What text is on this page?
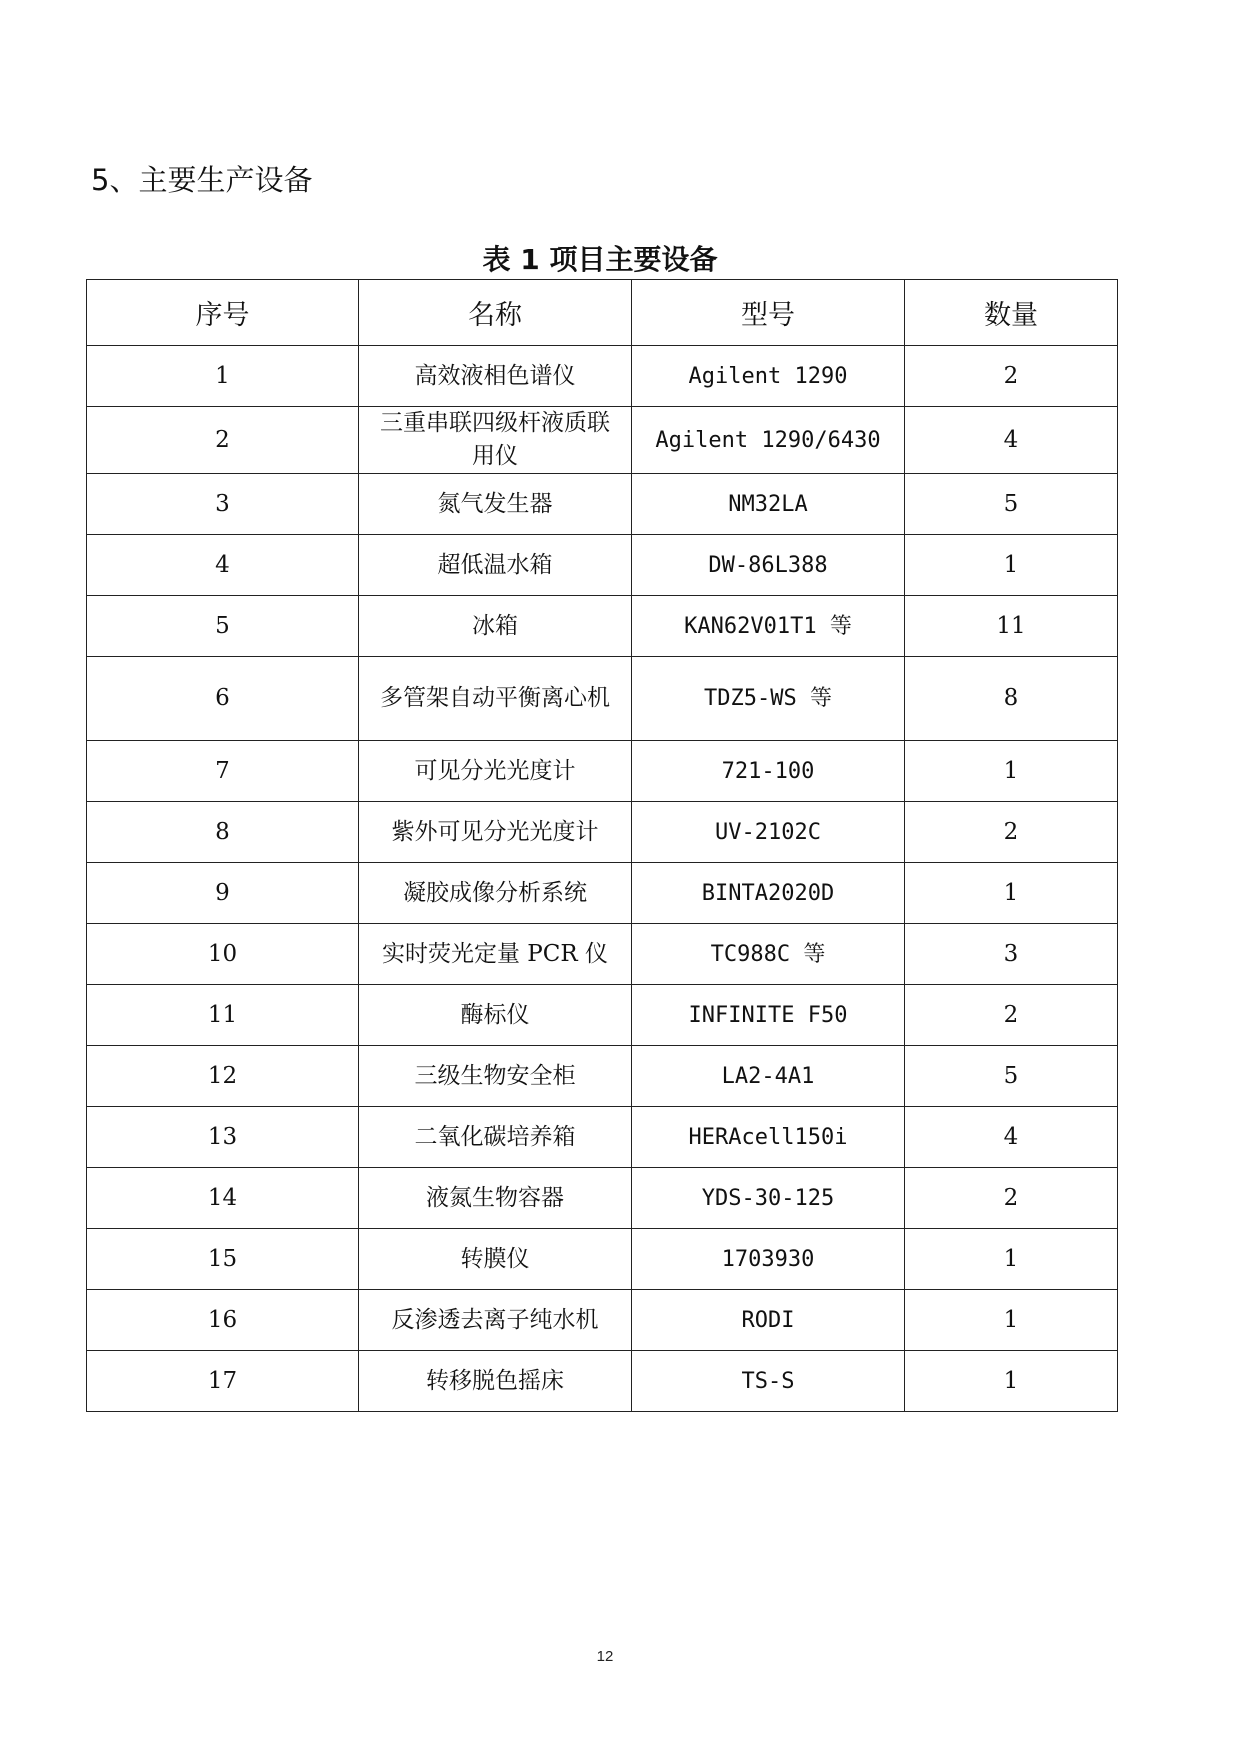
5、主要生产设备
表 1 项目主要设备
序号	名称	型号	数量
1	高效液相色谱仪	Agilent 1290	2
2	三重串联四级杆液质联用仪	Agilent 1290/6430	4
3	氮气发生器	NM32LA	5
4	超低温水箱	DW-86L388	1
5	冰箱	KAN62V01T1 等	11
6	多管架自动平衡离心机	TDZ5-WS 等	8
7	可见分光光度计	721-100	1
8	紫外可见分光光度计	UV-2102C	2
9	凝胶成像分析系统	BINTA2020D	1
10	实时荧光定量 PCR 仪	TC988C 等	3
11	酶标仪	INFINITE F50	2
12	三级生物安全柜	LA2-4A1	5
13	二氧化碳培养箱	HERAcell150i	4
14	液氮生物容器	YDS-30-125	2
15	转膜仪	1703930	1
16	反渗透去离子纯水机	RODI	1
17	转移脱色摇床	TS-S	1
12
